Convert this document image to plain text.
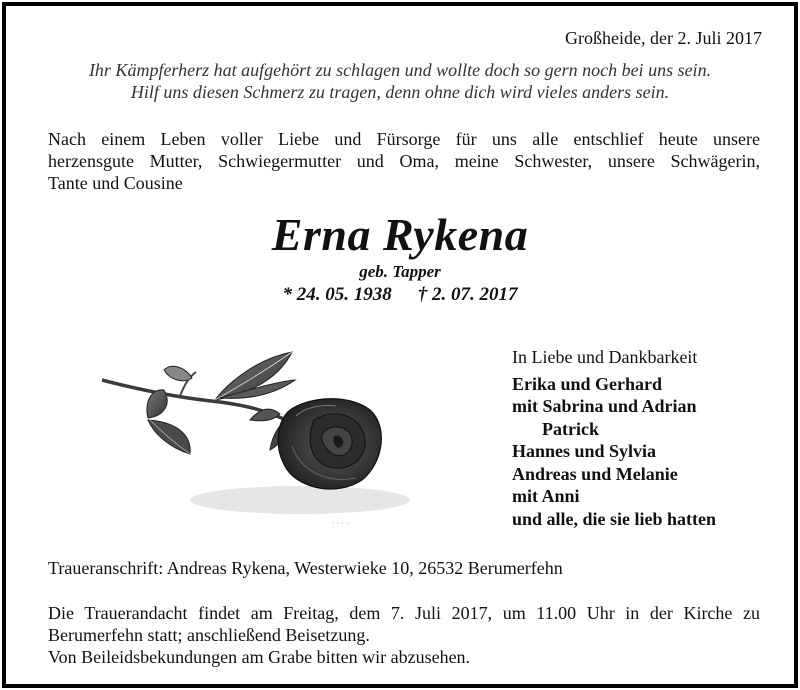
Großheide, der 2. Juli 2017
Ihr Kämpferherz hat aufgehört zu schlagen und wollte doch so gern noch bei uns sein.
Hilf uns diesen Schmerz zu tragen, denn ohne dich wird vieles anders sein.
Nach einem Leben voller Liebe und Fürsorge für uns alle entschlief heute unsere
herzensgute Mutter, Schwiegermutter und Oma, meine Schwester, unsere Schwägerin,
Tante und Cousine
Erna Rykena
geb. Tapper
* 24. 05. 1938 † 2. 07. 2017
· · · ·
In Liebe und Dankbarkeit
Erika und Gerhard
mit Sabrina und Adrian
Patrick
Hannes und Sylvia
Andreas und Melanie
mit Anni
und alle, die sie lieb hatten
Traueranschrift: Andreas Rykena, Westerwieke 10, 26532 Berumerfehn
Die Trauerandacht findet am Freitag, dem 7. Juli 2017, um 11.00 Uhr in der Kirche zu
Berumerfehn statt; anschließend Beisetzung.
Von Beileidsbekundungen am Grabe bitten wir abzusehen.
